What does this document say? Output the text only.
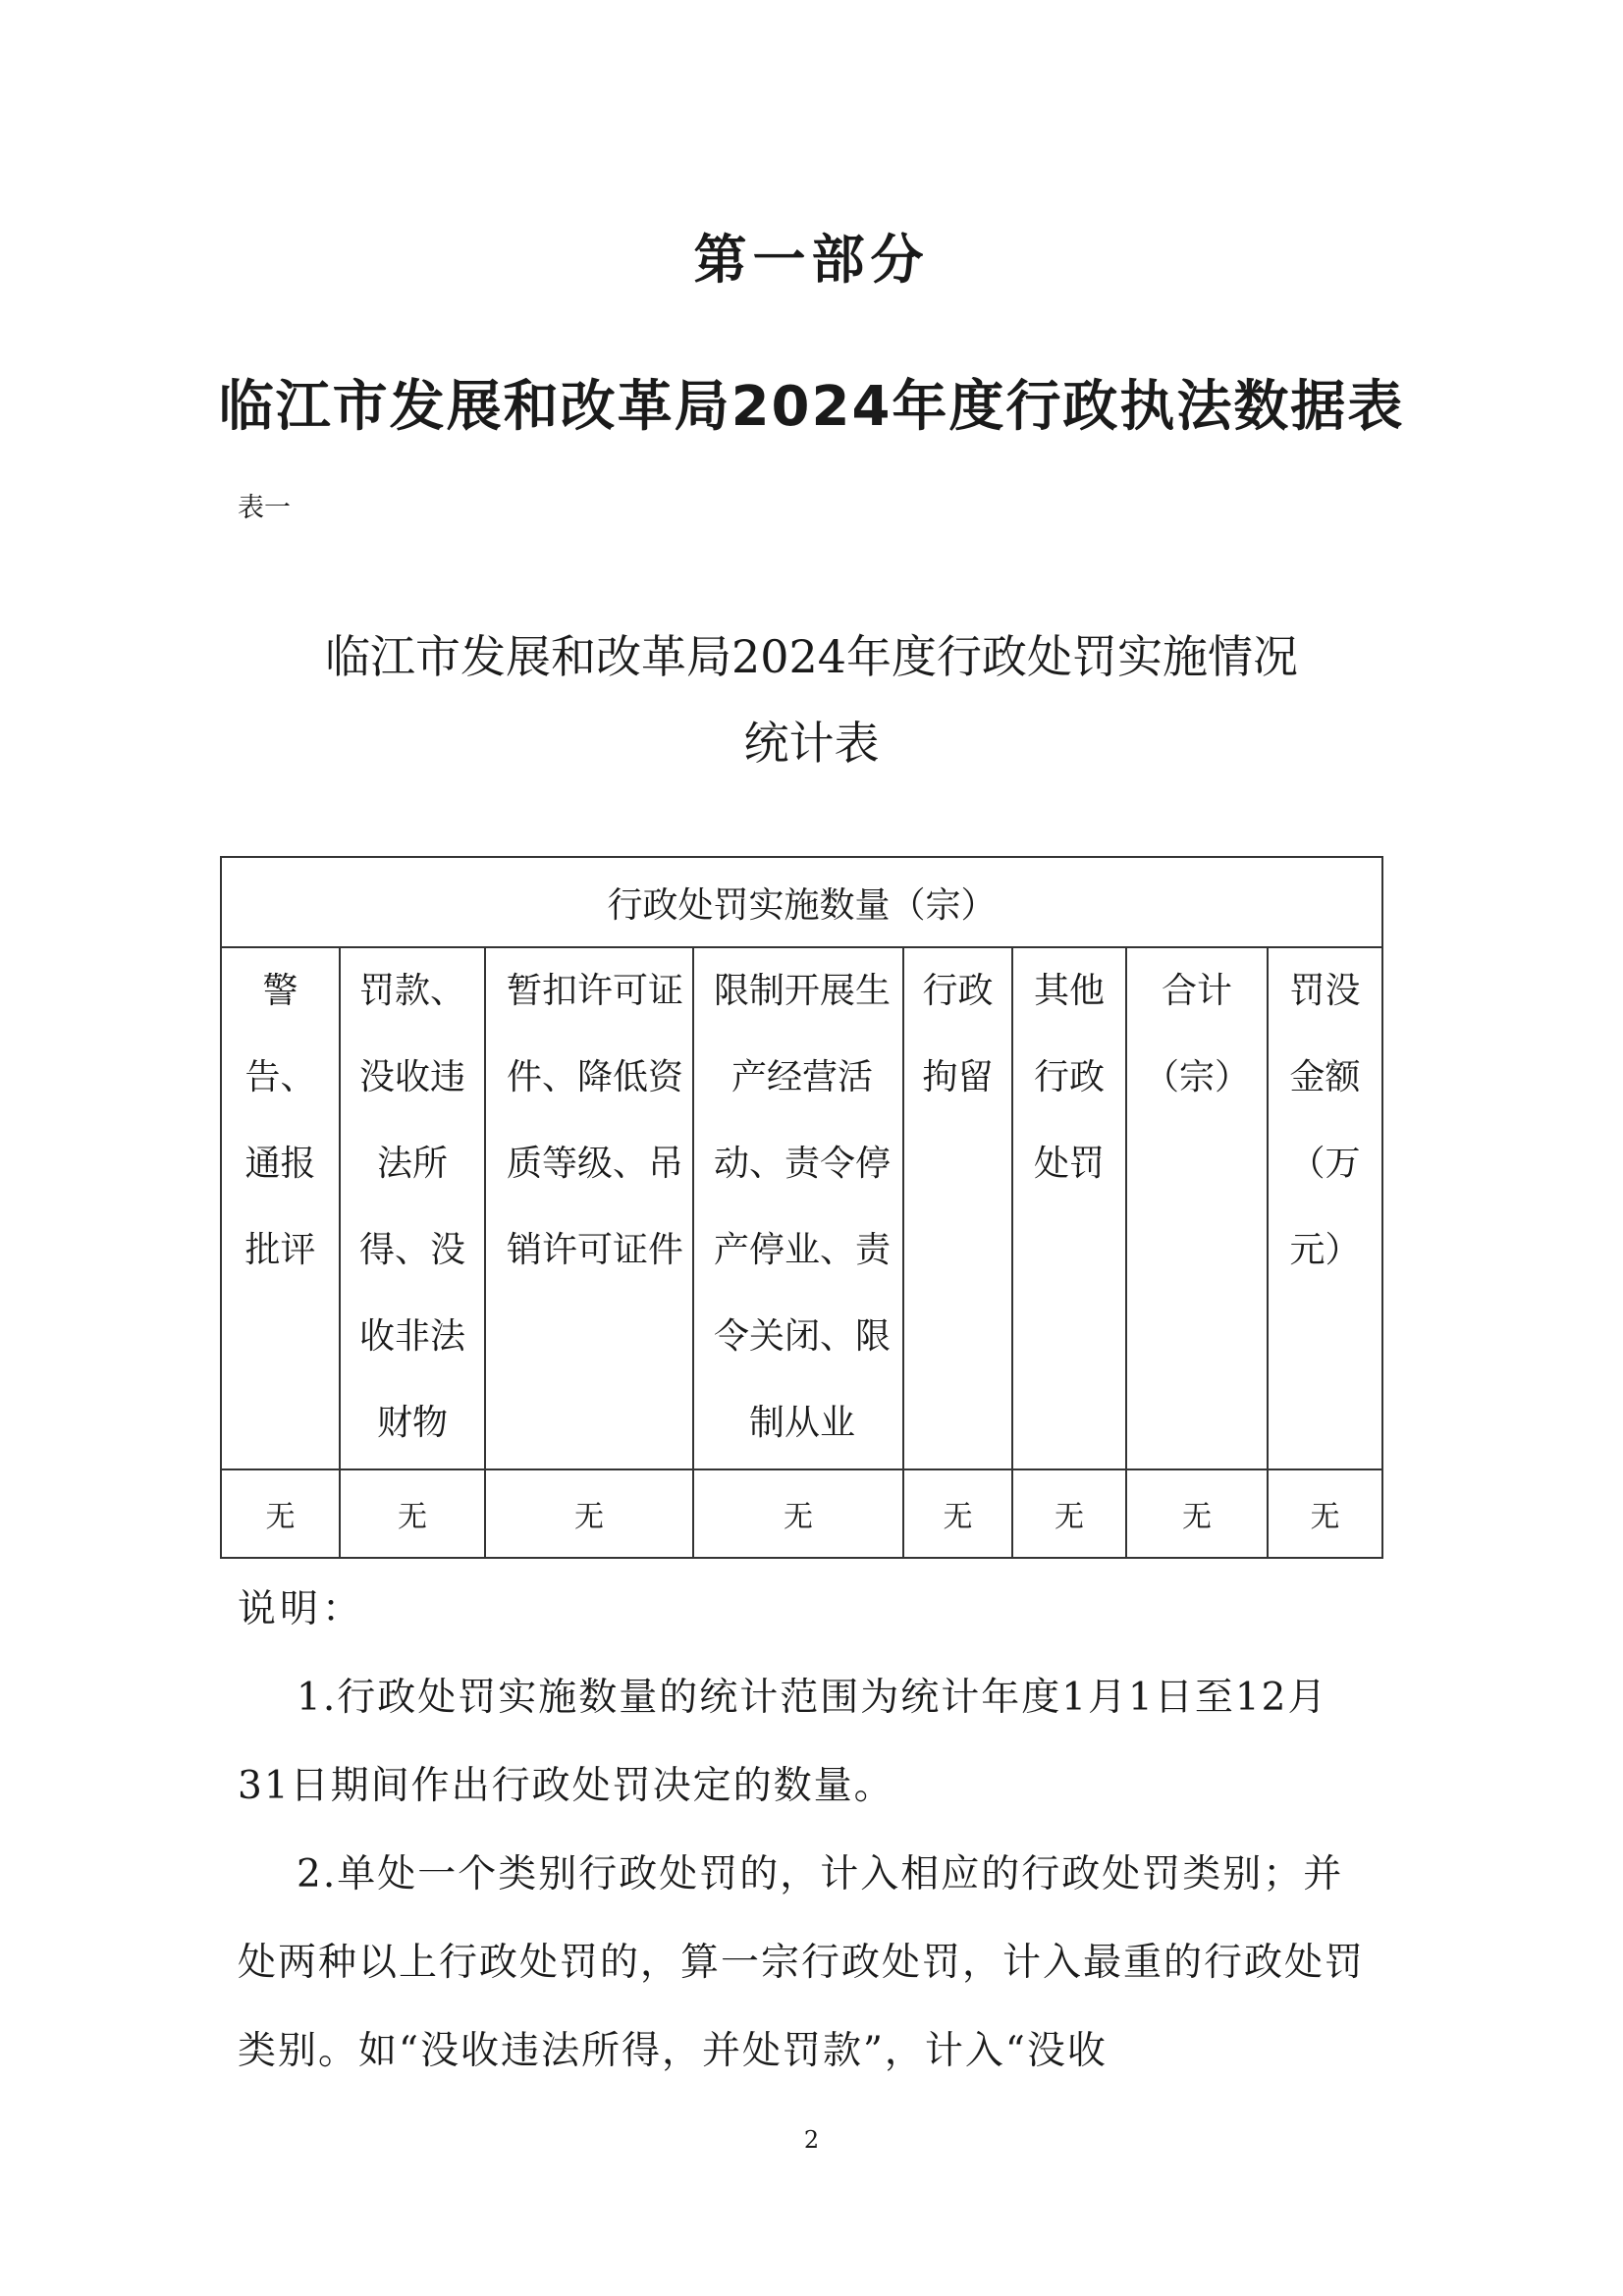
第一部分
临江市发展和改革局2024年度行政执法数据表
表一
临江市发展和改革局2024年度行政处罚实施情况
统计表
行政处罚实施数量（宗）							
警告、通报批评	罚款、没收违法所得、没收非法财物	暂扣许可证件、降低资质等级、吊销许可证件	限制开展生产经营活动、责令停产停业、责令关闭、限制从业	行政拘留	其他行政处罚	合计（宗）	罚没金额（万元）
无	无	无	无	无	无	无	无

说明：

1.行政处罚实施数量的统计范围为统计年度1月1日至12月31日期间作出行政处罚决定的数量。

2.单处一个类别行政处罚的，计入相应的行政处罚类别；并处两种以上行政处罚的，算一宗行政处罚，计入最重的行政处罚类别。如“没收违法所得，并处罚款”，计入“没收

2
